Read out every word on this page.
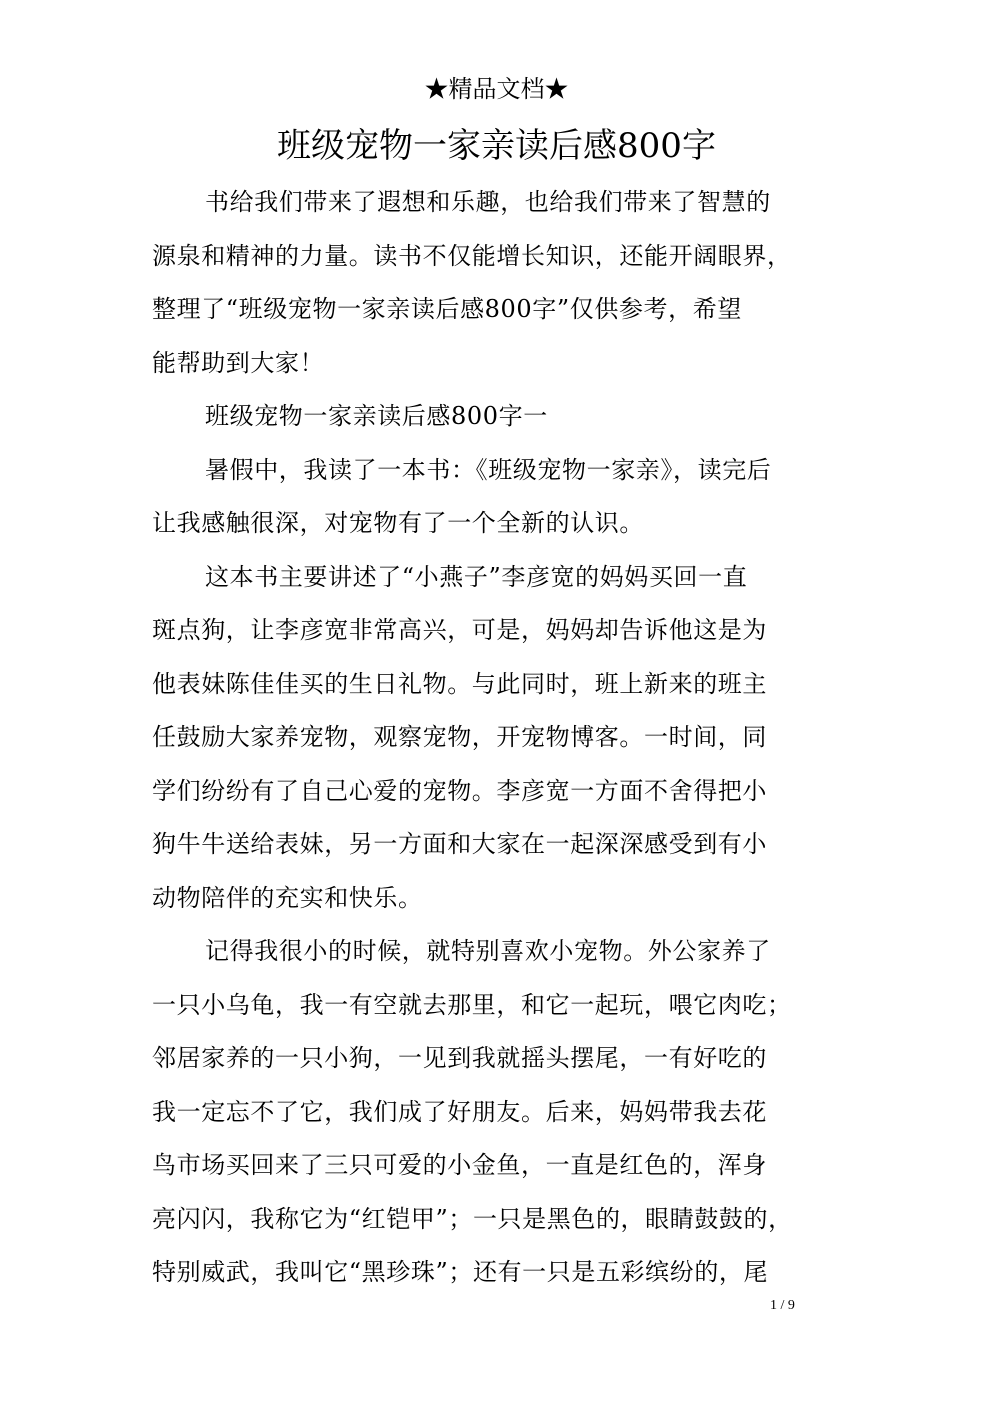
★精品文档★
班级宠物一家亲读后感800字
书给我们带来了遐想和乐趣，也给我们带来了智慧的
源泉和精神的力量。读书不仅能增长知识，还能开阔眼界，
整理了“班级宠物一家亲读后感800字”仅供参考，希望
能帮助到大家！
班级宠物一家亲读后感800字一
暑假中，我读了一本书：《班级宠物一家亲》，读完后
让我感触很深，对宠物有了一个全新的认识。
这本书主要讲述了“小燕子”李彦宽的妈妈买回一直
斑点狗，让李彦宽非常高兴，可是，妈妈却告诉他这是为
他表妹陈佳佳买的生日礼物。与此同时，班上新来的班主
任鼓励大家养宠物，观察宠物，开宠物博客。一时间，同
学们纷纷有了自己心爱的宠物。李彦宽一方面不舍得把小
狗牛牛送给表妹，另一方面和大家在一起深深感受到有小
动物陪伴的充实和快乐。
记得我很小的时候，就特别喜欢小宠物。外公家养了
一只小乌龟，我一有空就去那里，和它一起玩，喂它肉吃；
邻居家养的一只小狗，一见到我就摇头摆尾，一有好吃的
我一定忘不了它，我们成了好朋友。后来，妈妈带我去花
鸟市场买回来了三只可爱的小金鱼，一直是红色的，浑身
亮闪闪，我称它为“红铠甲”；一只是黑色的，眼睛鼓鼓的，
特别威武，我叫它“黑珍珠”；还有一只是五彩缤纷的，尾
1 / 9
